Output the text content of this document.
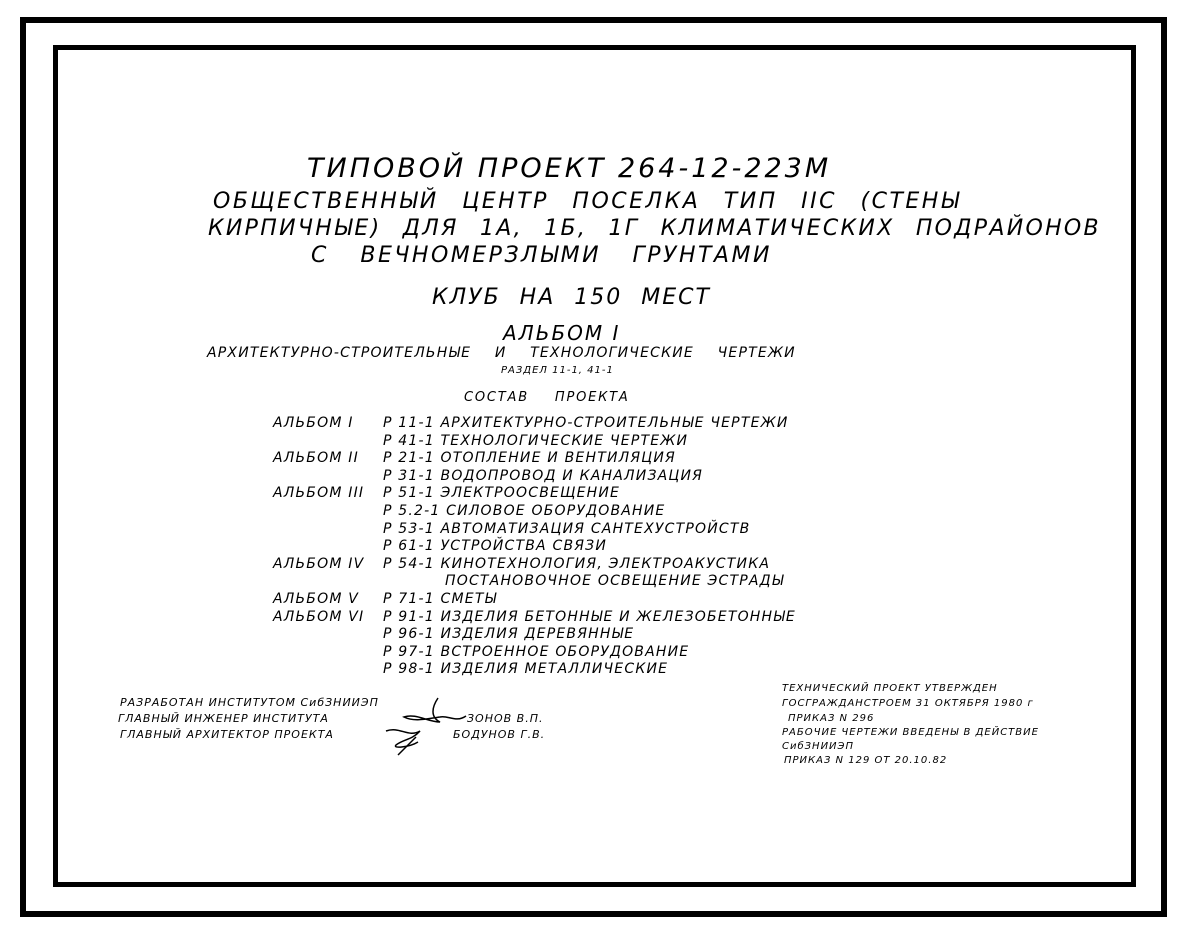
ТИПОВОЙ ПРОЕКТ 264-12-223М
ОБЩЕСТВЕННЫЙ ЦЕНТР ПОСЕЛКА ТИП IIС (СТЕНЫ
КИРПИЧНЫЕ) ДЛЯ 1А, 1Б, 1Г КЛИМАТИЧЕСКИХ ПОДРАЙОНОВ
С ВЕЧНОМЕРЗЛЫМИ ГРУНТАМИ
КЛУБ НА 150 МЕСТ
АЛЬБОМ I
АРХИТЕКТУРНО-СТРОИТЕЛЬНЫЕ И ТЕХНОЛОГИЧЕСКИЕ ЧЕРТЕЖИ
РАЗДЕЛ 11-1, 41-1
СОСТАВ ПРОЕКТА
АЛЬБОМ I Р 11-1 АРХИТЕКТУРНО-СТРОИТЕЛЬНЫЕ ЧЕРТЕЖИ
Р 41-1 ТЕХНОЛОГИЧЕСКИЕ ЧЕРТЕЖИ
АЛЬБОМ II Р 21-1 ОТОПЛЕНИЕ И ВЕНТИЛЯЦИЯ
Р 31-1 ВОДОПРОВОД И КАНАЛИЗАЦИЯ
АЛЬБОМ III Р 51-1 ЭЛЕКТРООСВЕЩЕНИЕ
Р 5.2-1 СИЛОВОЕ ОБОРУДОВАНИЕ
Р 53-1 АВТОМАТИЗАЦИЯ САНТЕХУСТРОЙСТВ
Р 61-1 УСТРОЙСТВА СВЯЗИ
АЛЬБОМ IV Р 54-1 КИНОТЕХНОЛОГИЯ, ЭЛЕКТРОАКУСТИКА
ПОСТАНОВОЧНОЕ ОСВЕЩЕНИЕ ЭСТРАДЫ
АЛЬБОМ V Р 71-1 СМЕТЫ
АЛЬБОМ VI Р 91-1 ИЗДЕЛИЯ БЕТОННЫЕ И ЖЕЛЕЗОБЕТОННЫЕ
Р 96-1 ИЗДЕЛИЯ ДЕРЕВЯННЫЕ
Р 97-1 ВСТРОЕННОЕ ОБОРУДОВАНИЕ
Р 98-1 ИЗДЕЛИЯ МЕТАЛЛИЧЕСКИЕ
РАЗРАБОТАН ИНСТИТУТОМ СибЗНИИЭП
ГЛАВНЫЙ ИНЖЕНЕР ИНСТИТУТА	ЗОНОВ В.П.
ГЛАВНЫЙ АРХИТЕКТОР ПРОЕКТА	БОДУНОВ Г.В.
ТЕХНИЧЕСКИЙ ПРОЕКТ УТВЕРЖДЕН
ГОСГРАЖДАНСТРОЕМ 31 ОКТЯБРЯ 1980 г
ПРИКАЗ N 296
РАБОЧИЕ ЧЕРТЕЖИ ВВЕДЕНЫ В ДЕЙСТВИЕ
СибЗНИИЭП
ПРИКАЗ N 129 ОТ 20.10.82
